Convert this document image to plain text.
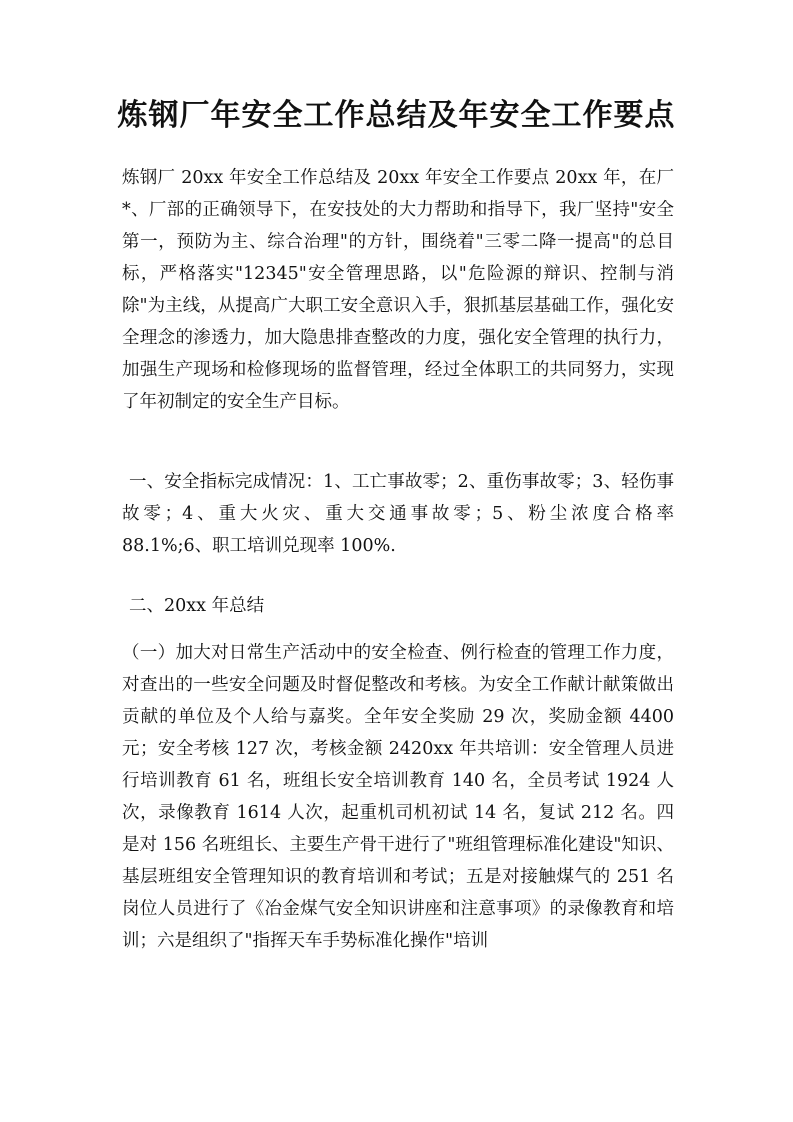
炼钢厂年安全工作总结及年安全工作要点

炼钢厂 20xx 年安全工作总结及 20xx 年安全工作要点 20xx 年，在厂*、厂部的正确领导下，在安技处的大力帮助和指导下，我厂坚持"安全第一，预防为主、综合治理"的方针，围绕着"三零二降一提高"的总目标，严格落实"12345"安全管理思路，以"危险源的辩识、控制与消除"为主线，从提高广大职工安全意识入手，狠抓基层基础工作，强化安全理念的渗透力，加大隐患排查整改的力度，强化安全管理的执行力，加强生产现场和检修现场的监督管理，经过全体职工的共同努力，实现了年初制定的安全生产目标。

一、安全指标完成情况：1、工亡事故零；2、重伤事故零；3、轻伤事故零；4、重大火灾、重大交通事故零；5、粉尘浓度合格率 88.1%;6、职工培训兑现率 100%.

二、20xx 年总结

（一）加大对日常生产活动中的安全检查、例行检查的管理工作力度，对查出的一些安全问题及时督促整改和考核。为安全工作献计献策做出贡献的单位及个人给与嘉奖。全年安全奖励 29 次，奖励金额 4400 元；安全考核 127 次，考核金额 2420xx 年共培训：安全管理人员进行培训教育 61 名，班组长安全培训教育 140 名，全员考试 1924 人次，录像教育 1614 人次，起重机司机初试 14 名，复试 212 名。四是对 156 名班组长、主要生产骨干进行了"班组管理标准化建设"知识、基层班组安全管理知识的教育培训和考试；五是对接触煤气的 251 名岗位人员进行了《冶金煤气安全知识讲座和注意事项》的录像教育和培训；六是组织了"指挥天车手势标准化操作"培训
